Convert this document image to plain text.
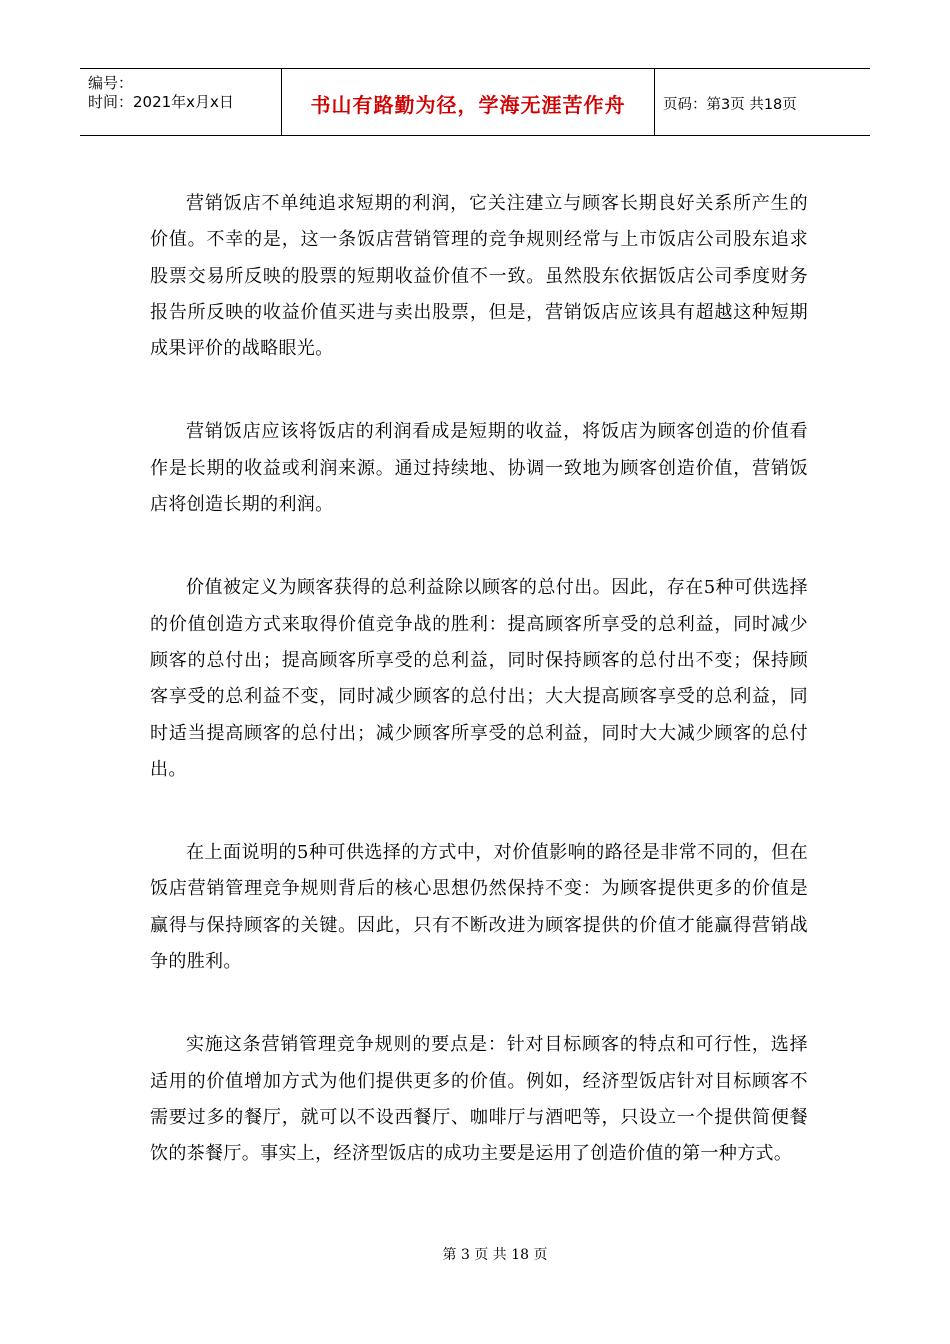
编号：
时间：2021年x月x日	书山有路勤为径，学海无涯苦作舟	页码：第3页 共18页

营销饭店不单纯追求短期的利润，它关注建立与顾客长期良好关系所产生的价值。不幸的是，这一条饭店营销管理的竞争规则经常与上市饭店公司股东追求股票交易所反映的股票的短期收益价值不一致。虽然股东依据饭店公司季度财务报告所反映的收益价值买进与卖出股票，但是，营销饭店应该具有超越这种短期成果评价的战略眼光。

营销饭店应该将饭店的利润看成是短期的收益，将饭店为顾客创造的价值看作是长期的收益或利润来源。通过持续地、协调一致地为顾客创造价值，营销饭店将创造长期的利润。

价值被定义为顾客获得的总利益除以顾客的总付出。因此，存在5种可供选择的价值创造方式来取得价值竞争战的胜利：提高顾客所享受的总利益，同时减少顾客的总付出；提高顾客所享受的总利益，同时保持顾客的总付出不变；保持顾客享受的总利益不变，同时减少顾客的总付出；大大提高顾客享受的总利益，同时适当提高顾客的总付出；减少顾客所享受的总利益，同时大大减少顾客的总付出。

在上面说明的5种可供选择的方式中，对价值影响的路径是非常不同的，但在饭店营销管理竞争规则背后的核心思想仍然保持不变：为顾客提供更多的价值是赢得与保持顾客的关键。因此，只有不断改进为顾客提供的价值才能赢得营销战争的胜利。

实施这条营销管理竞争规则的要点是：针对目标顾客的特点和可行性，选择适用的价值增加方式为他们提供更多的价值。例如，经济型饭店针对目标顾客不需要过多的餐厅，就可以不设西餐厅、咖啡厅与酒吧等，只设立一个提供简便餐饮的茶餐厅。事实上，经济型饭店的成功主要是运用了创造价值的第一种方式。

第 3 页 共 18 页
